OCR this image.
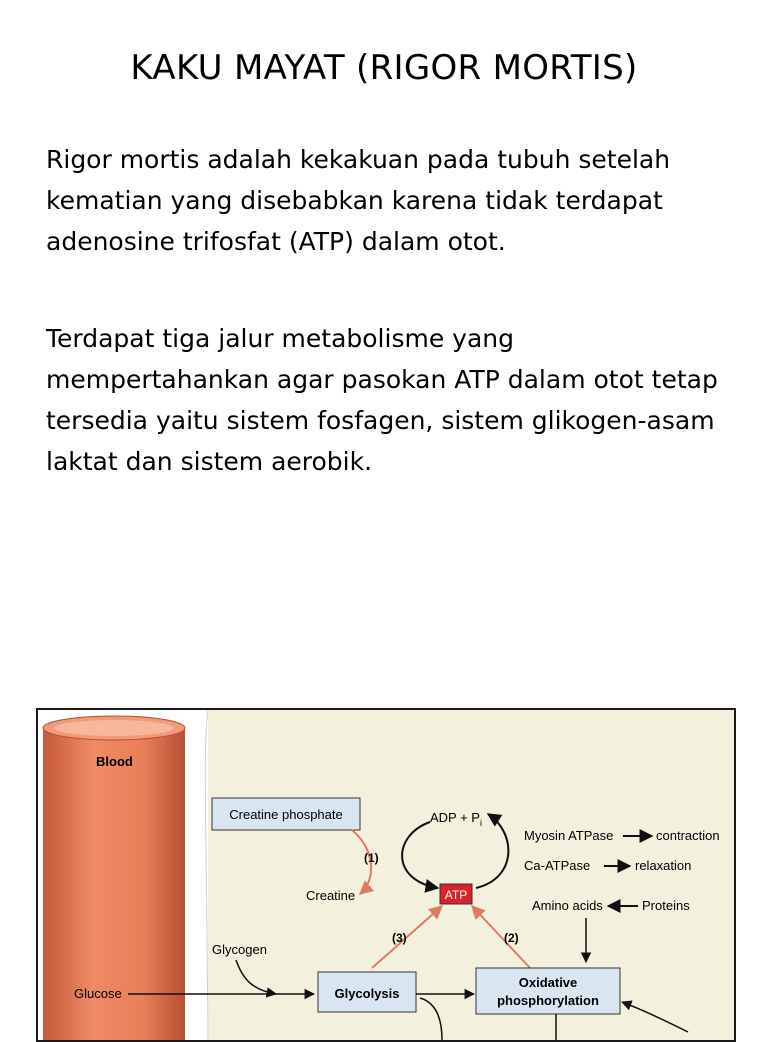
KAKU MAYAT (RIGOR MORTIS)

Rigor mortis adalah kekakuan pada tubuh setelah kematian yang disebabkan karena tidak terdapat adenosine trifosfat (ATP) dalam otot.

Terdapat tiga jalur metabolisme yang mempertahankan agar pasokan ATP dalam otot tetap tersedia yaitu sistem fosfagen, sistem glikogen-asam laktat dan sistem aerobik.

Blood
Creatine phosphate
(1)
Creatine
ADP + $P_i$
ATP
Myosin ATPase	contraction
Ca-ATPase	relaxation
Amino acids	Proteins
(3)	(2)
Glycogen
Glucose	Glycolysis
Oxidative
phosphorylation
